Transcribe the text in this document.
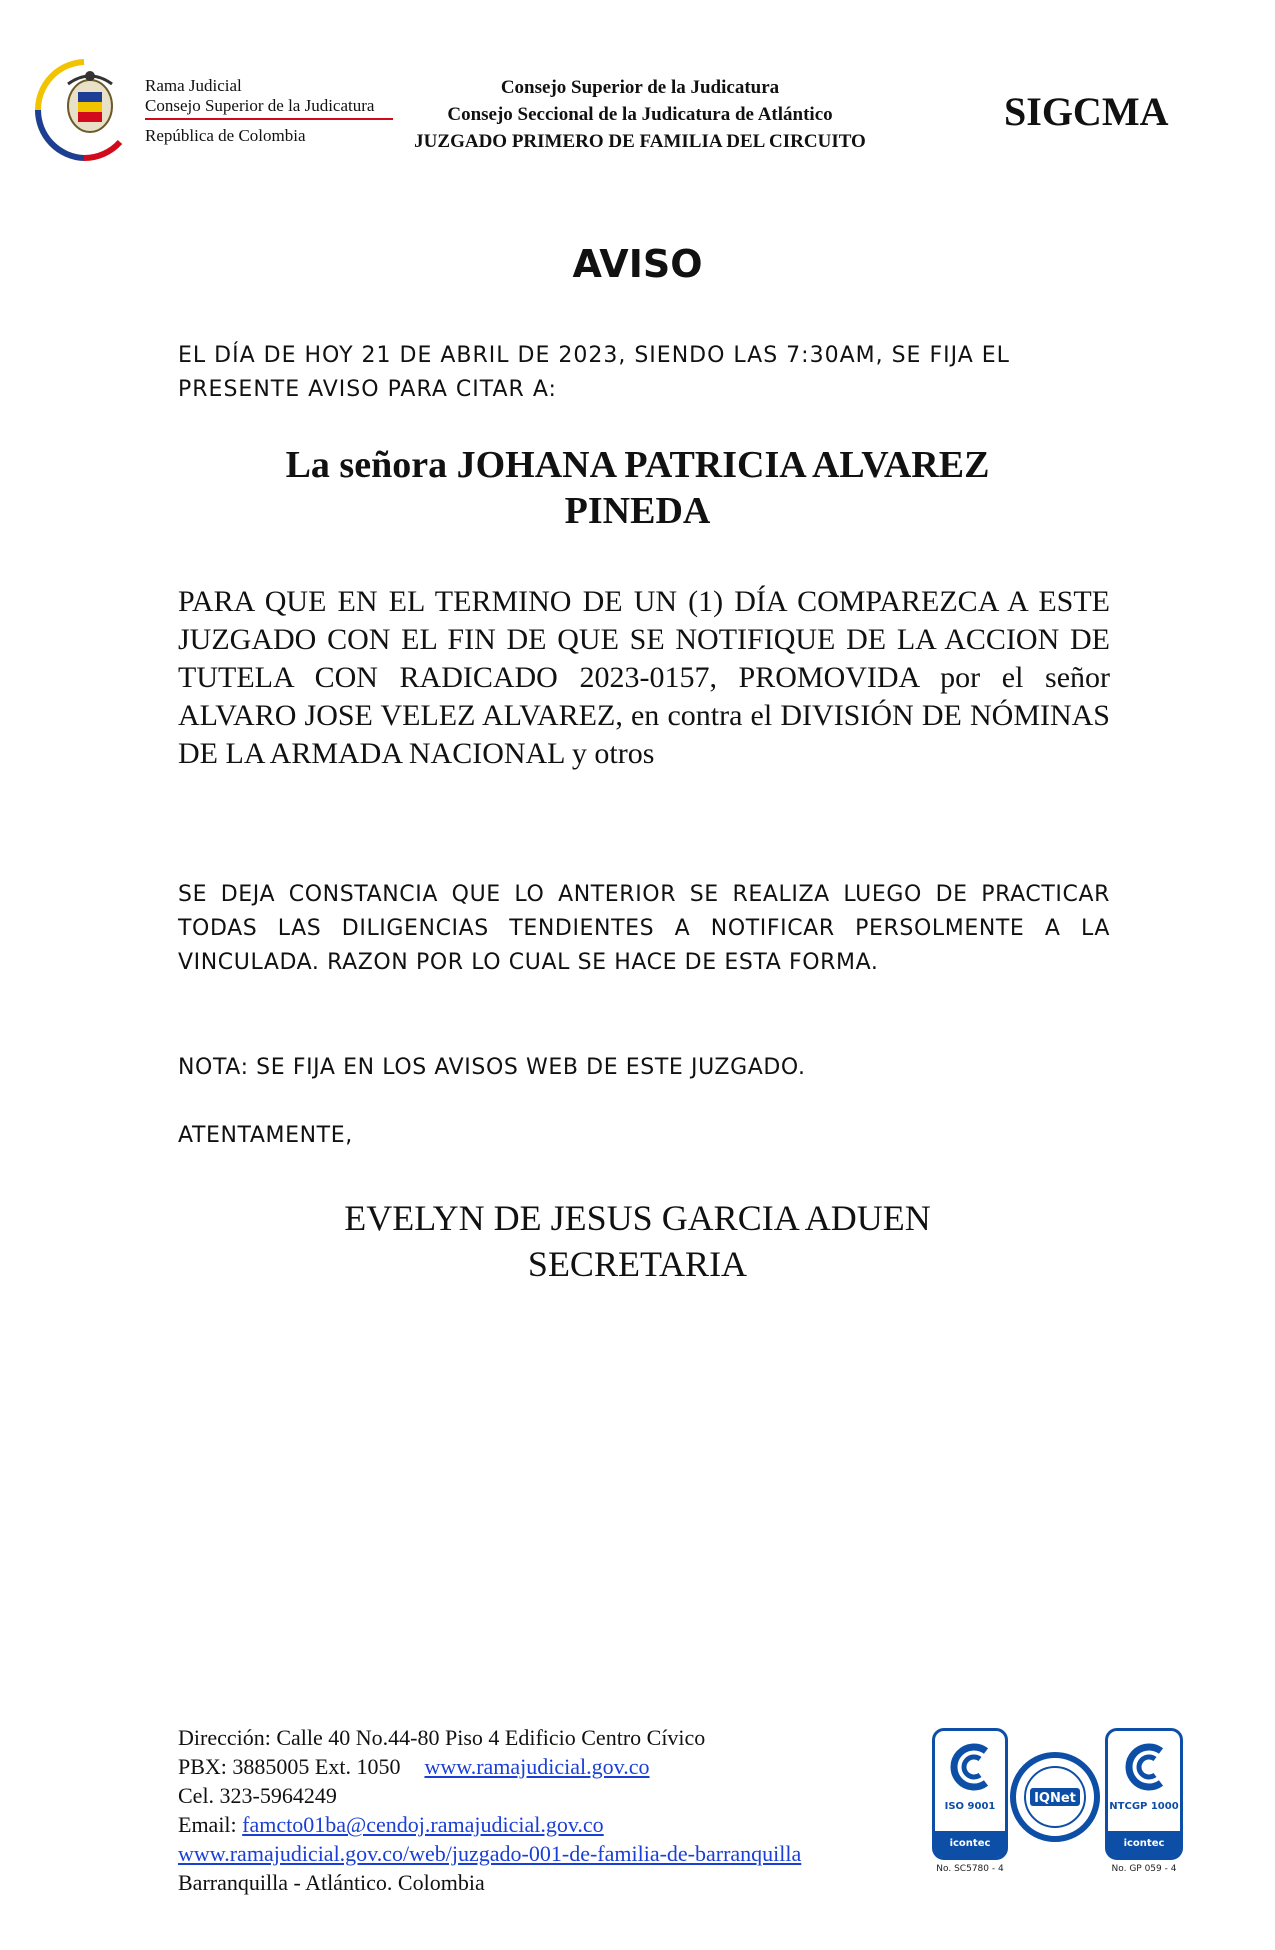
Rama Judicial
Consejo Superior de la Judicatura
República de Colombia
Consejo Superior de la Judicatura
Consejo Seccional de la Judicatura de Atlántico
JUZGADO PRIMERO DE FAMILIA DEL CIRCUITO
SIGCMA
AVISO
EL DÍA DE HOY 21 DE ABRIL DE 2023, SIENDO LAS 7:30AM, SE FIJA EL PRESENTE AVISO PARA CITAR A:
La señora JOHANA PATRICIA ALVAREZ
PINEDA
PARA QUE EN EL TERMINO DE UN (1) DÍA COMPAREZCA A ESTE JUZGADO CON EL FIN DE QUE SE NOTIFIQUE DE LA ACCION DE TUTELA CON RADICADO 2023-0157, PROMOVIDA por el señor ALVARO JOSE VELEZ ALVAREZ, en contra el DIVISIÓN DE NÓMINAS DE LA ARMADA NACIONAL y otros
SE DEJA CONSTANCIA QUE LO ANTERIOR SE REALIZA LUEGO DE PRACTICAR TODAS LAS DILIGENCIAS TENDIENTES A NOTIFICAR PERSOLMENTE A LA VINCULADA. RAZON POR LO CUAL SE HACE DE ESTA FORMA.
NOTA: SE FIJA EN LOS AVISOS WEB DE ESTE JUZGADO.
ATENTAMENTE,
EVELYN DE JESUS GARCIA ADUEN
SECRETARIA
Dirección: Calle 40 No.44-80 Piso 4 Edificio Centro Cívico
PBX: 3885005 Ext. 1050 www.ramajudicial.gov.co
Cel. 323-5964249
Email: famcto01ba@cendoj.ramajudicial.gov.co
www.ramajudicial.gov.co/web/juzgado-001-de-familia-de-barranquilla
Barranquilla - Atlántico. Colombia
ISO 9001
icontec
No. SC5780 - 4
IQNet
NTCGP 1000
icontec
No. GP 059 - 4
